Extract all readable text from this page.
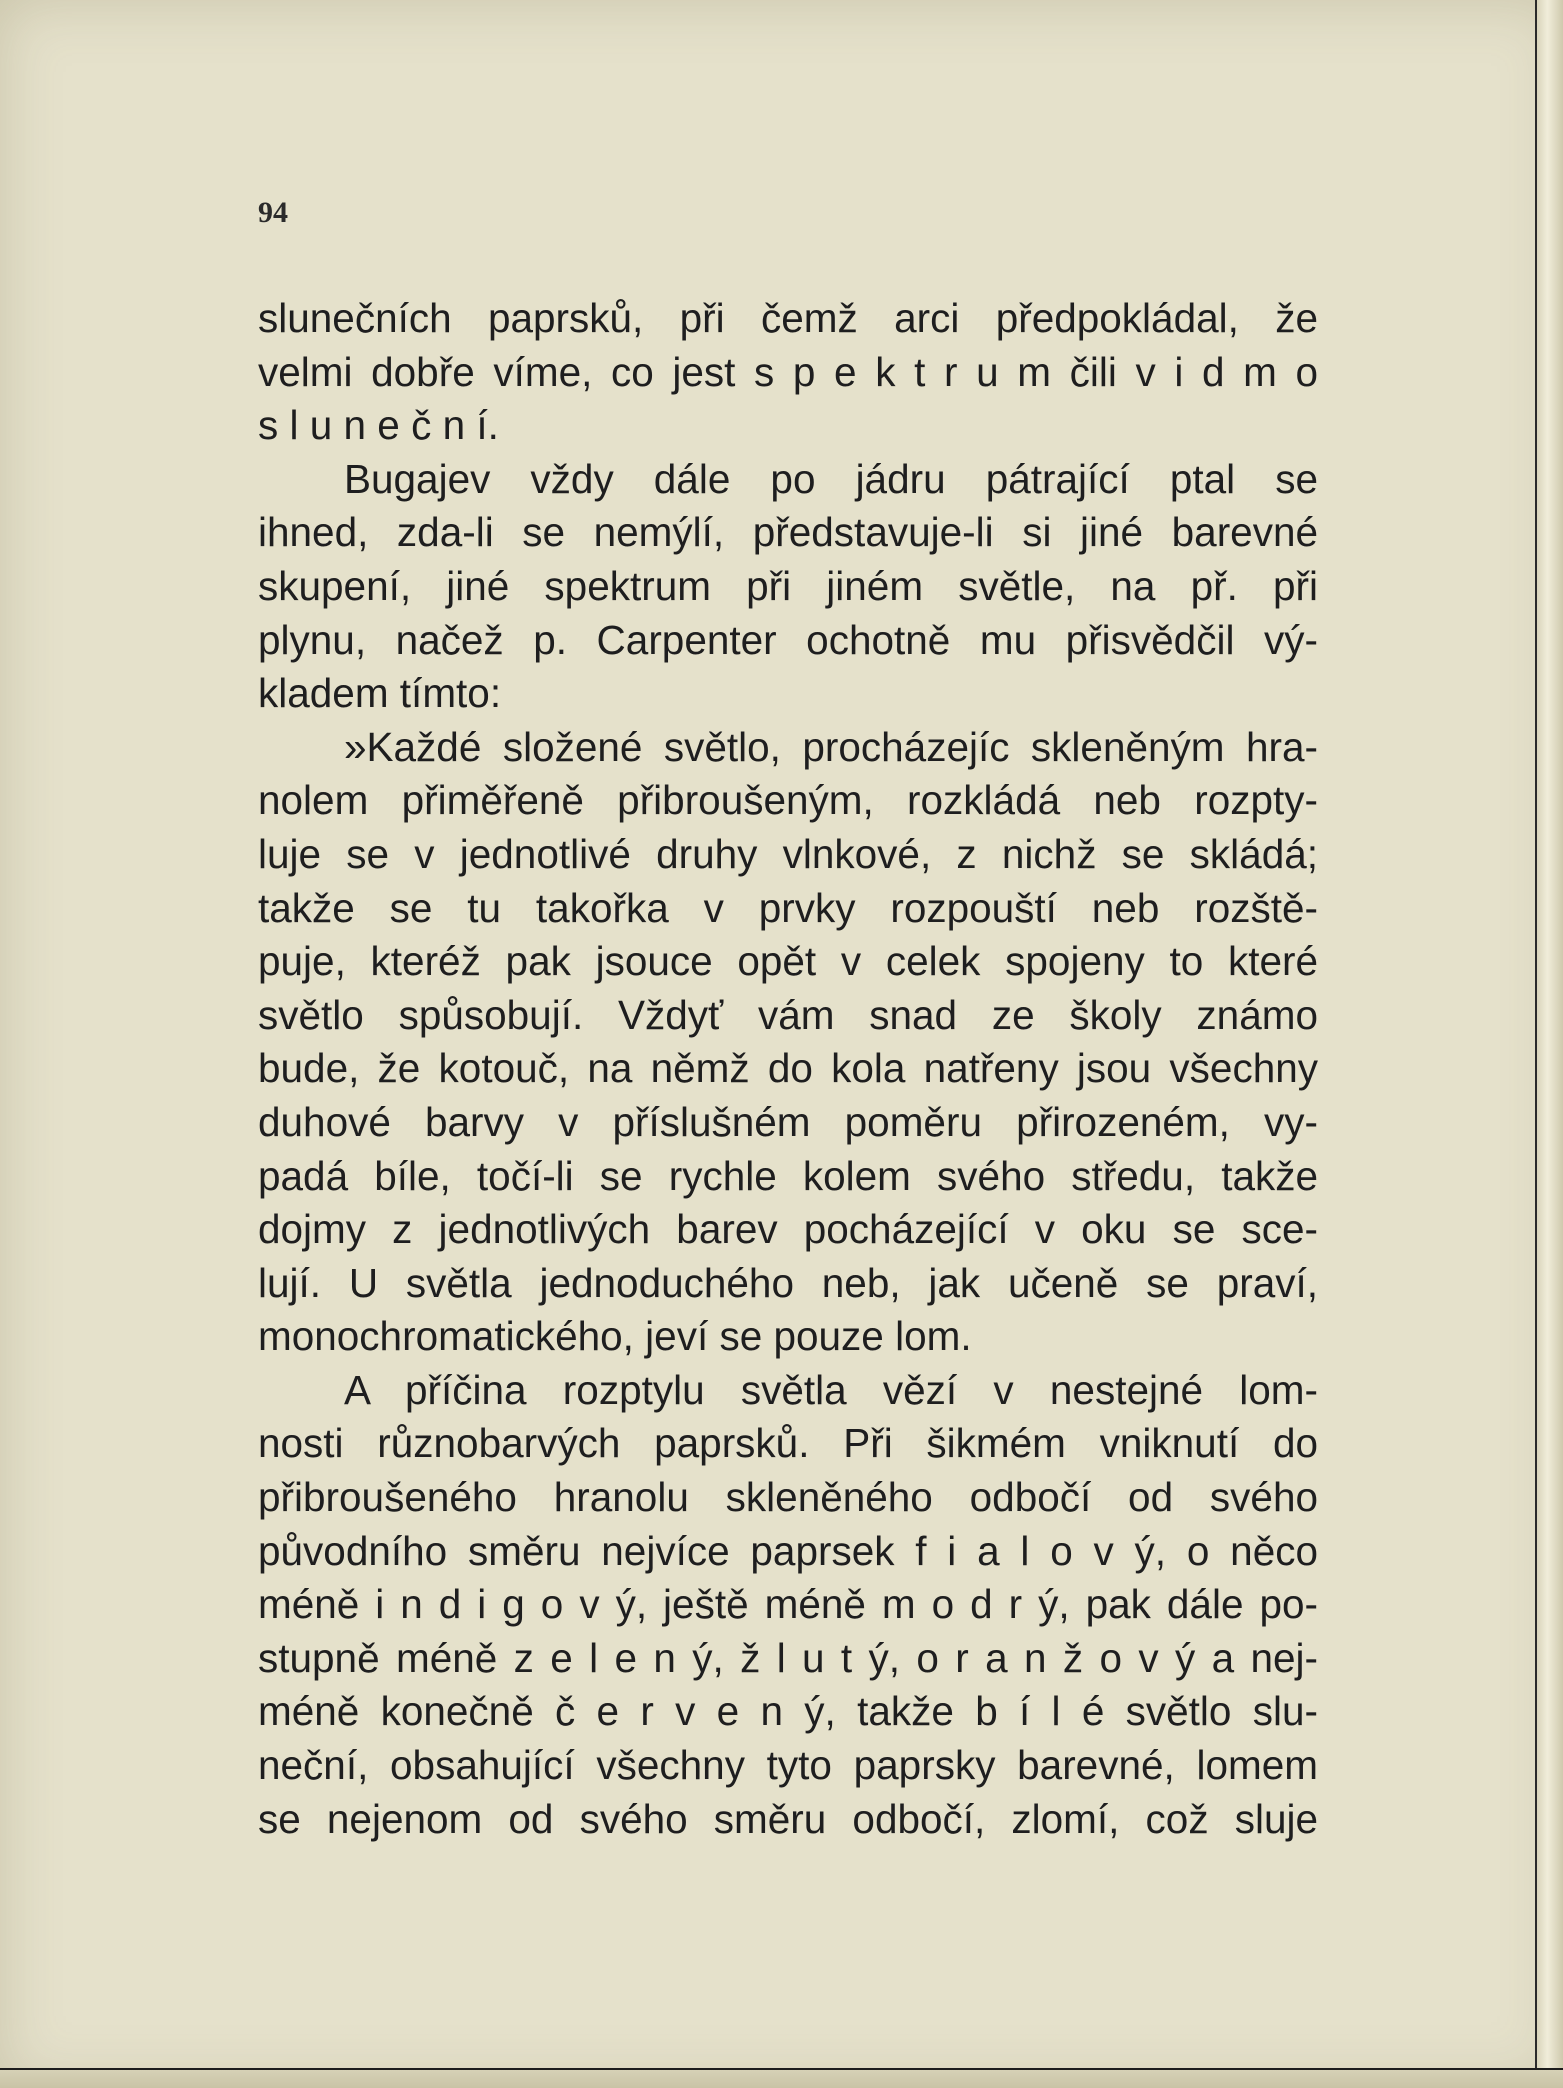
94
slunečních paprsků, při čemž arci předpokládal, že
velmi dobře víme, co jest s p e k t r u m čili v i d m o
s l u n e č n í.
Bugajev vždy dále po jádru pátrající ptal se
ihned, zda-li se nemýlí, představuje-li si jiné barevné
skupení, jiné spektrum při jiném světle, na př. při
plynu, načež p. Carpenter ochotně mu přisvědčil vý-
kladem tímto:
»Každé složené světlo, procházejíc skleněným hra-
nolem přiměřeně přibroušeným, rozkládá neb rozpty-
luje se v jednotlivé druhy vlnkové, z nichž se skládá;
takže se tu takořka v prvky rozpouští neb rozště-
puje, kteréž pak jsouce opět v celek spojeny to které
světlo spůsobují. Vždyť vám snad ze školy známo
bude, že kotouč, na němž do kola natřeny jsou všechny
duhové barvy v příslušném poměru přirozeném, vy-
padá bíle, točí-li se rychle kolem svého středu, takže
dojmy z jednotlivých barev pocházející v oku se sce-
lují. U světla jednoduchého neb, jak učeně se praví,
monochromatického, jeví se pouze lom.
A příčina rozptylu světla vězí v nestejné lom-
nosti různobarvých paprsků. Při šikmém vniknutí do
přibroušeného hranolu skleněného odbočí od svého
původního směru nejvíce paprsek f i a l o v ý, o něco
méně i n d i g o v ý, ještě méně m o d r ý, pak dále po-
stupně méně z e l e n ý, ž l u t ý, o r a n ž o v ý a nej-
méně konečně č e r v e n ý, takže b í l é světlo slu-
neční, obsahující všechny tyto paprsky barevné, lomem
se nejenom od svého směru odbočí, zlomí, což sluje
